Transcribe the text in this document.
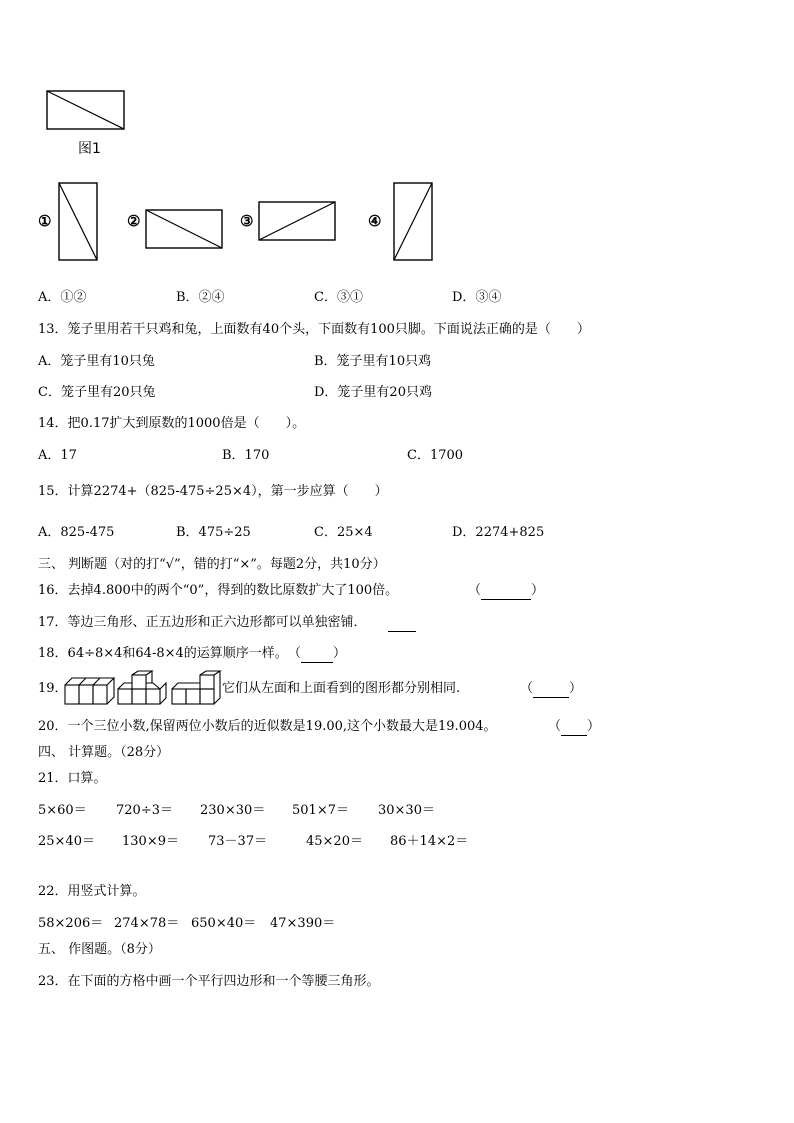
图1
①	②	③	④
A．①②	B．②④	C．③①	D．③④
13．笼子里用若干只鸡和兔，上面数有40个头，下面数有100只脚。下面说法正确的是（　　）
A．笼子里有10只兔	B．笼子里有10只鸡
C．笼子里有20只兔	D．笼子里有20只鸡
14．把0.17扩大到原数的1000倍是（　　）。
A．17	B．170	C．1700
15．计算2274+（825-475÷25×4），第一步应算（　　）
A．825-475	B．475÷25	C．25×4	D．2274+825
三、 判断题（对的打“√”，错的打“×”。每题2分，共10分）
16．去掉4.800中的两个“0”，得到的数比原数扩大了100倍。	（	）
17．等边三角形、正五边形和正六边形都可以单独密铺．

18．64÷8×4和64-8×4的运算顺序一样。 （ ）
19．	它们从左面和上面看到的图形都分别相同.	（	）
20．一个三位小数,保留两位小数后的近似数是19.00,这个小数最大是19.004。	（ ）
四、 计算题。（28分）
21．口算。
5×60＝ 720÷3＝ 230×30＝ 501×7＝ 30×30＝
25×40＝ 130×9＝ 73－37＝	45×20＝ 86＋14×2＝
22．用竖式计算。
58×206＝ 274×78＝ 650×40＝ 47×390＝
五、 作图题。（8分）
23．在下面的方格中画一个平行四边形和一个等腰三角形。
